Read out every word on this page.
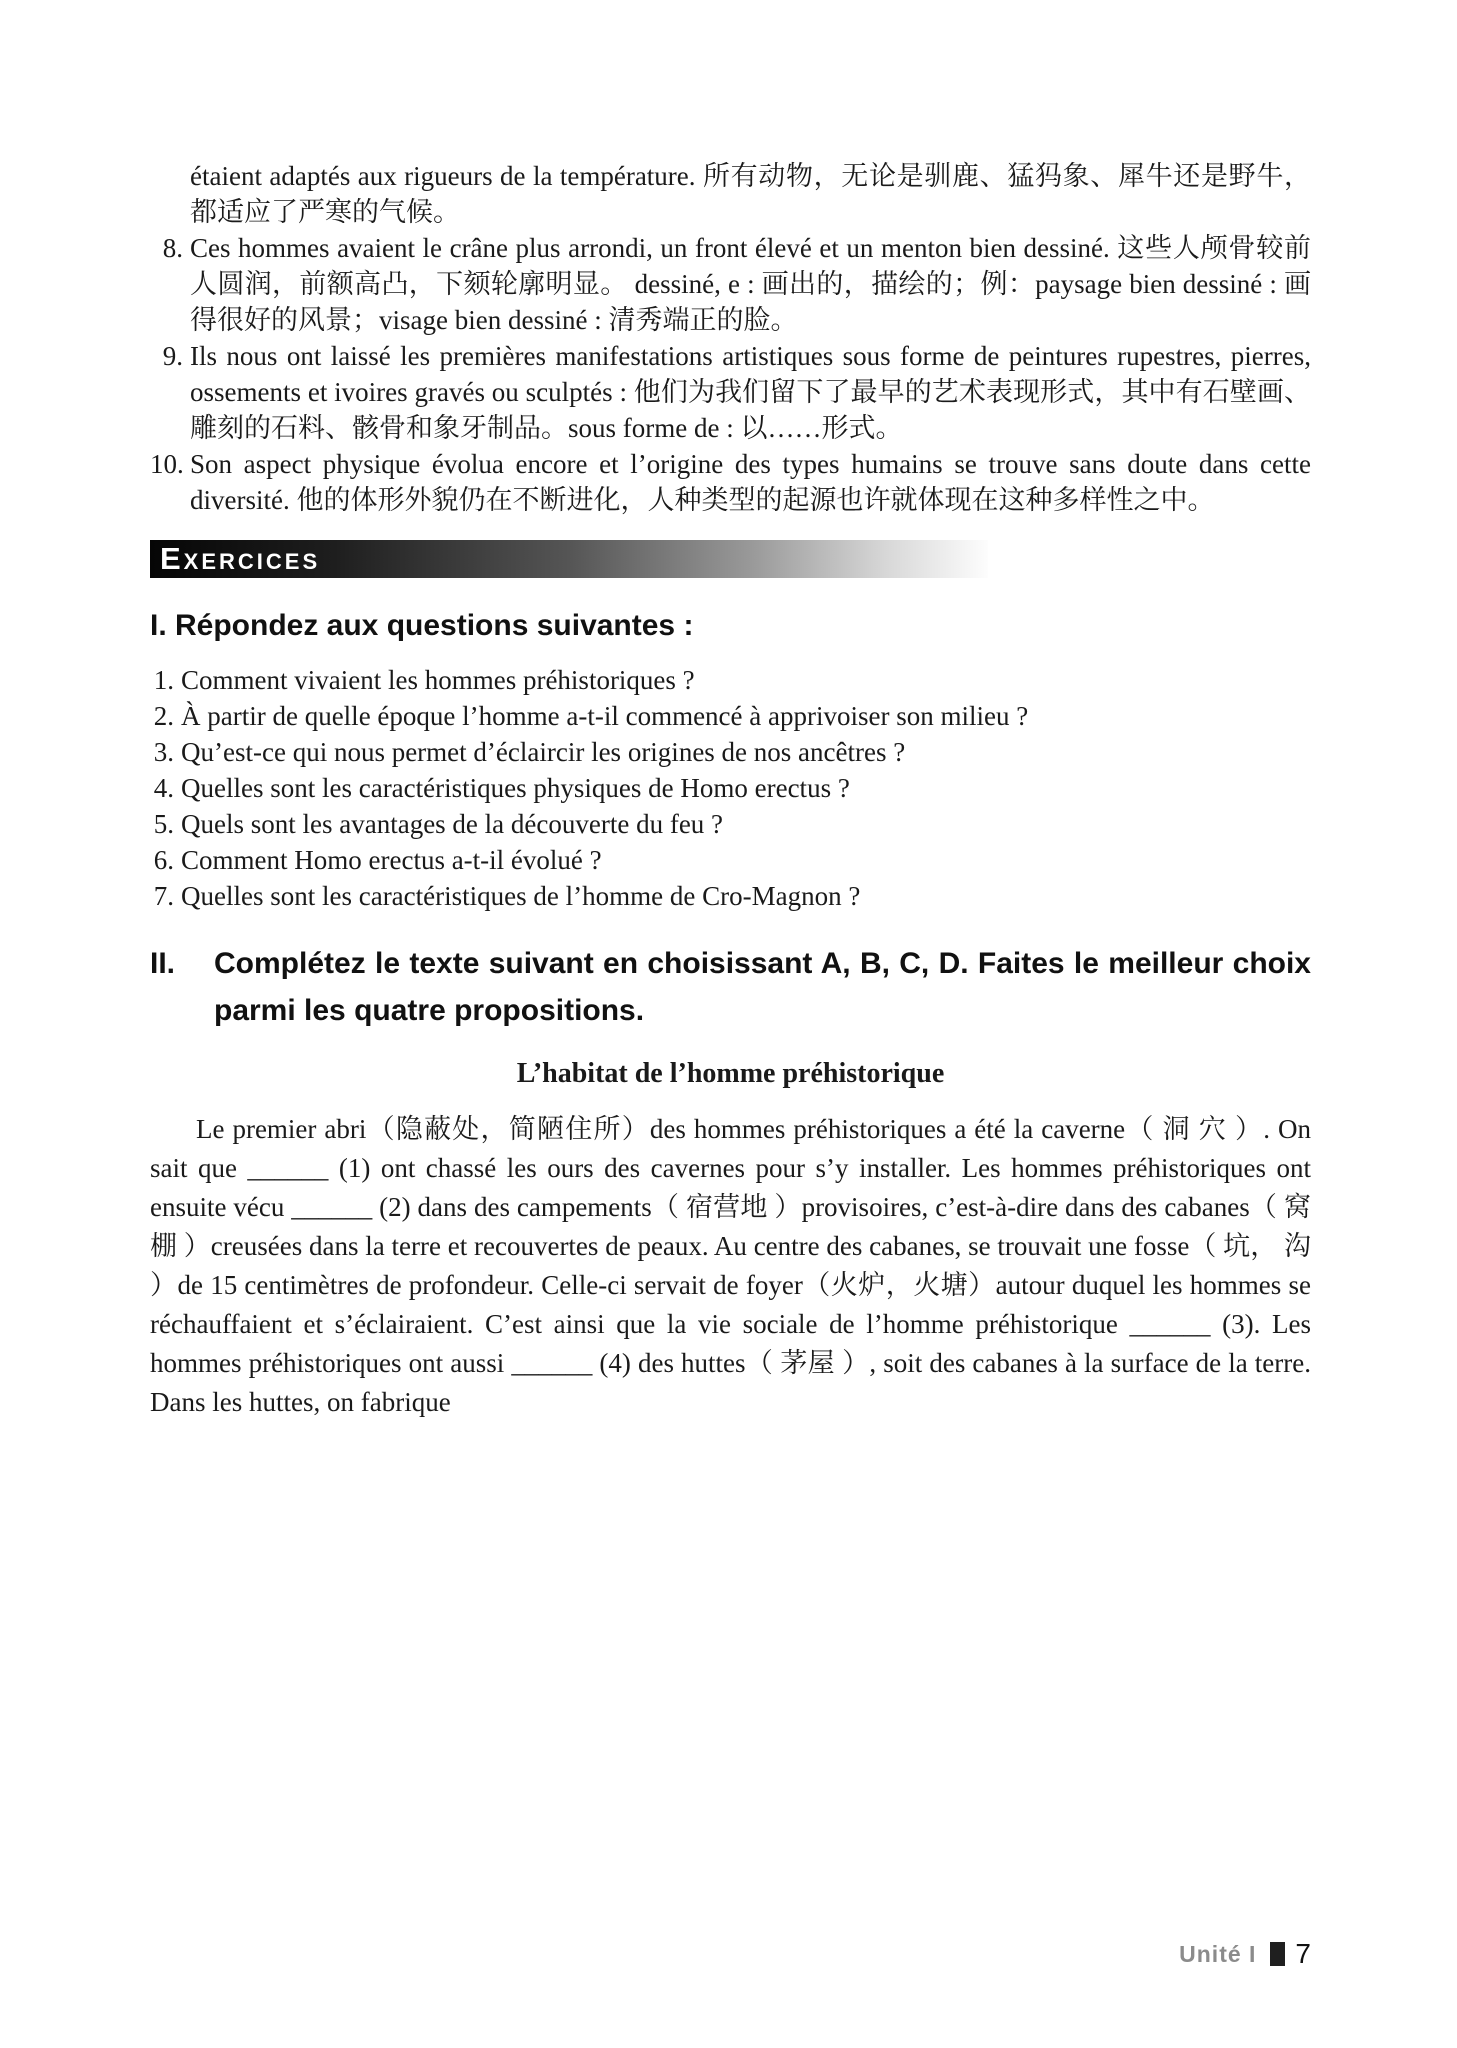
étaient adaptés aux rigueurs de la température. 所有动物，无论是驯鹿、猛犸象、犀牛还是野牛，都适应了严寒的气候。

8. Ces hommes avaient le crâne plus arrondi, un front élevé et un menton bien dessiné. 这些人颅骨较前人圆润，前额高凸，下颏轮廓明显。 dessiné, e : 画出的，描绘的；例：paysage bien dessiné : 画得很好的风景；visage bien dessiné : 清秀端正的脸。

9. Ils nous ont laissé les premières manifestations artistiques sous forme de peintures rupestres, pierres, ossements et ivoires gravés ou sculptés : 他们为我们留下了最早的艺术表现形式，其中有石壁画、雕刻的石料、骸骨和象牙制品。sous forme de : 以……形式。

10. Son aspect physique évolua encore et l’origine des types humains se trouve sans doute dans cette diversité. 他的体形外貌仍在不断进化，人种类型的起源也许就体现在这种多样性之中。

Exercices
I. Répondez aux questions suivantes :

1. Comment vivaient les hommes préhistoriques ?

2. À partir de quelle époque l’homme a-t-il commencé à apprivoiser son milieu ?

3. Qu’est-ce qui nous permet d’éclaircir les origines de nos ancêtres ?

4. Quelles sont les caractéristiques physiques de Homo erectus ?

5. Quels sont les avantages de la découverte du feu ?

6. Comment Homo erectus a-t-il évolué ?

7. Quelles sont les caractéristiques de l’homme de Cro-Magnon ?

II. Complétez le texte suivant en choisissant A, B, C, D. Faites le meilleur choix parmi les quatre propositions.
L’habitat de l’homme préhistorique

Le premier abri（隐蔽处，简陋住所）des hommes préhistoriques a été la caverne（ 洞 穴 ）. On sait que ______ (1) ont chassé les ours des cavernes pour s’y installer. Les hommes préhistoriques ont ensuite vécu ______ (2) dans des campements（ 宿营地 ）provisoires, c’est-à-dire dans des cabanes（ 窝棚 ）creusées dans la terre et recouvertes de peaux. Au centre des cabanes, se trouvait une fosse（ 坑， 沟 ）de 15 centimètres de profondeur. Celle-ci servait de foyer（火炉，火塘）autour duquel les hommes se réchauffaient et s’éclairaient. C’est ainsi que la vie sociale de l’homme préhistorique ______ (3). Les hommes préhistoriques ont aussi ______ (4) des huttes（ 茅屋 ）, soit des cabanes à la surface de la terre. Dans les huttes, on fabrique

Unité I 7
